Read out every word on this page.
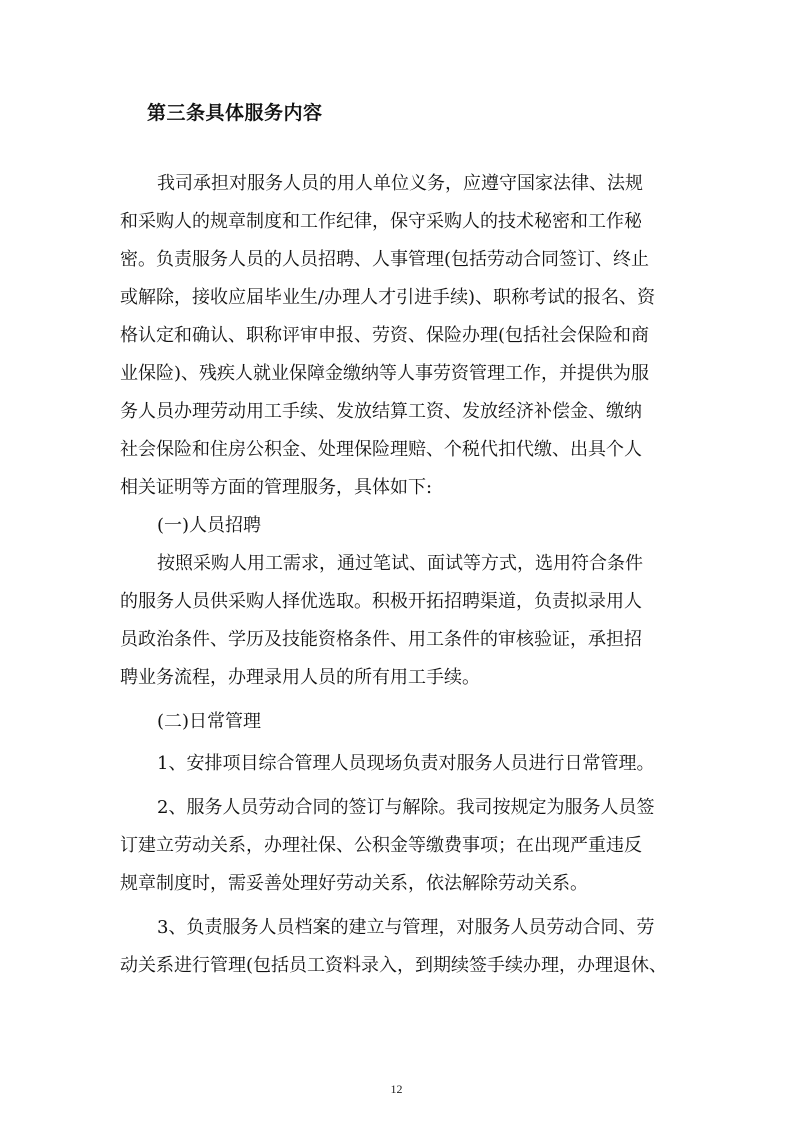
第三条具体服务内容
我司承担对服务人员的用人单位义务，应遵守国家法律、法规
和采购人的规章制度和工作纪律，保守采购人的技术秘密和工作秘
密。负责服务人员的人员招聘、人事管理(包括劳动合同签订、终止
或解除，接收应届毕业生/办理人才引进手续)、职称考试的报名、资
格认定和确认、职称评审申报、劳资、保险办理(包括社会保险和商
业保险)、残疾人就业保障金缴纳等人事劳资管理工作，并提供为服
务人员办理劳动用工手续、发放结算工资、发放经济补偿金、缴纳
社会保险和住房公积金、处理保险理赔、个税代扣代缴、出具个人
相关证明等方面的管理服务，具体如下:
(一)人员招聘
按照采购人用工需求，通过笔试、面试等方式，选用符合条件
的服务人员供采购人择优选取。积极开拓招聘渠道，负责拟录用人
员政治条件、学历及技能资格条件、用工条件的审核验证，承担招
聘业务流程，办理录用人员的所有用工手续。
(二)日常管理
1、安排项目综合管理人员现场负责对服务人员进行日常管理。
2、服务人员劳动合同的签订与解除。我司按规定为服务人员签
订建立劳动关系，办理社保、公积金等缴费事项；在出现严重违反
规章制度时，需妥善处理好劳动关系，依法解除劳动关系。
3、负责服务人员档案的建立与管理，对服务人员劳动合同、劳
动关系进行管理(包括员工资料录入，到期续签手续办理，办理退休、
12
